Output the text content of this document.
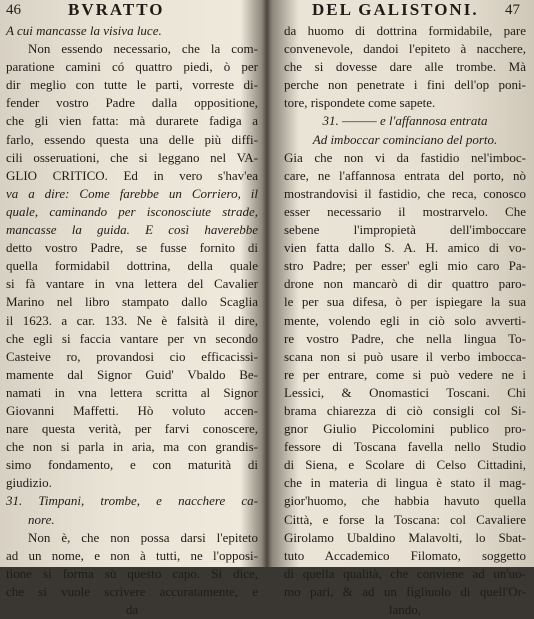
46	BVRATTO
A cui mancasse la visiva luce.
Non essendo necessario, che la com-
paratione camini có quattro piedi, ò per
dir meglio con tutte le parti, vorreste di-
fender vostro Padre dalla oppositione,
che gli vien fatta: mà durarete fadiga a
farlo, essendo questa una delle più diffi-
cili osseruationi, che si leggano nel VA-
GLIO CRITICO. Ed in vero s'hav'ea
va a dire: Come farebbe un Corriero, il
quale, caminando per isconosciute strade,
mancasse la guida. E così haverebbe
detto vostro Padre, se fusse fornito di
quella formidabil dottrina, della quale
si fà vantare in vna lettera del Cavalier
Marino nel libro stampato dallo Scaglia
il 1623. a car. 133. Ne è falsità il dire,
che egli si faccia vantare per vn secondo
Casteive ro, provandosi cio efficacissi-
mamente dal Signor Guid' Vbaldo Be-
namati in vna lettera scritta al Signor
Giovanni Maffetti. Hò voluto accen-
nare questa verità, per farvi conoscere,
che non si parla in aria, ma con grandis-
simo fondamento, e con maturità di
giudizio.
31. Timpani, trombe, e nacchere ca-
nore.
Non è, che non possa darsi l'epiteto
ad un nome, e non à tutti, ne l'opposi-
tione si forma sù questo capo. Si dice,
che si vuole scrivere accuratamente, e
da
DEL GALISTONI. 47
da huomo di dottrina formidabile, pare
convenevole, dandoi l'epiteto à nacchere,
che si dovesse dare alle trombe. Mà
perche non penetrate i fini dell'op poni-
tore, rispondete come sapete.
31. ——— e l'affannosa entrata
Ad imboccar cominciano del porto.
Gia che non vi da fastidio nel'imboc-
care, ne l'affannosa entrata del porto, nò
mostrandovisi il fastidio, che reca, conosco
esser necessario il mostrarvelo. Che
sebene l'impropietà dell'imboccare
vien fatta dallo S. A. H. amico di vo-
stro Padre; per esser' egli mio caro Pa-
drone non mancarò di dir quattro paro-
le per sua difesa, ò per ispiegare la sua
mente, volendo egli in ciò solo avverti-
re vostro Padre, che nella lingua To-
scana non si può usare il verbo imbocca-
re per entrare, come si può vedere ne i
Lessici, & Onomastici Toscani. Chi
brama chiarezza di ciò consigli col Si-
gnor Giulio Piccolomini publico pro-
fessore di Toscana favella nello Studio
di Siena, e Scolare di Celso Cittadini,
che in materia di lingua è stato il mag-
gior'huomo, che habbia havuto quella
Città, e forse la Toscana: col Cavaliere
Girolamo Ubaldino Malavolti, lo Sbat-
tuto Accademico Filomato, soggetto
di quella qualità, che conviene ad un'uo-
mo pari, & ad un figliuolo di quell'Or-
lando,
